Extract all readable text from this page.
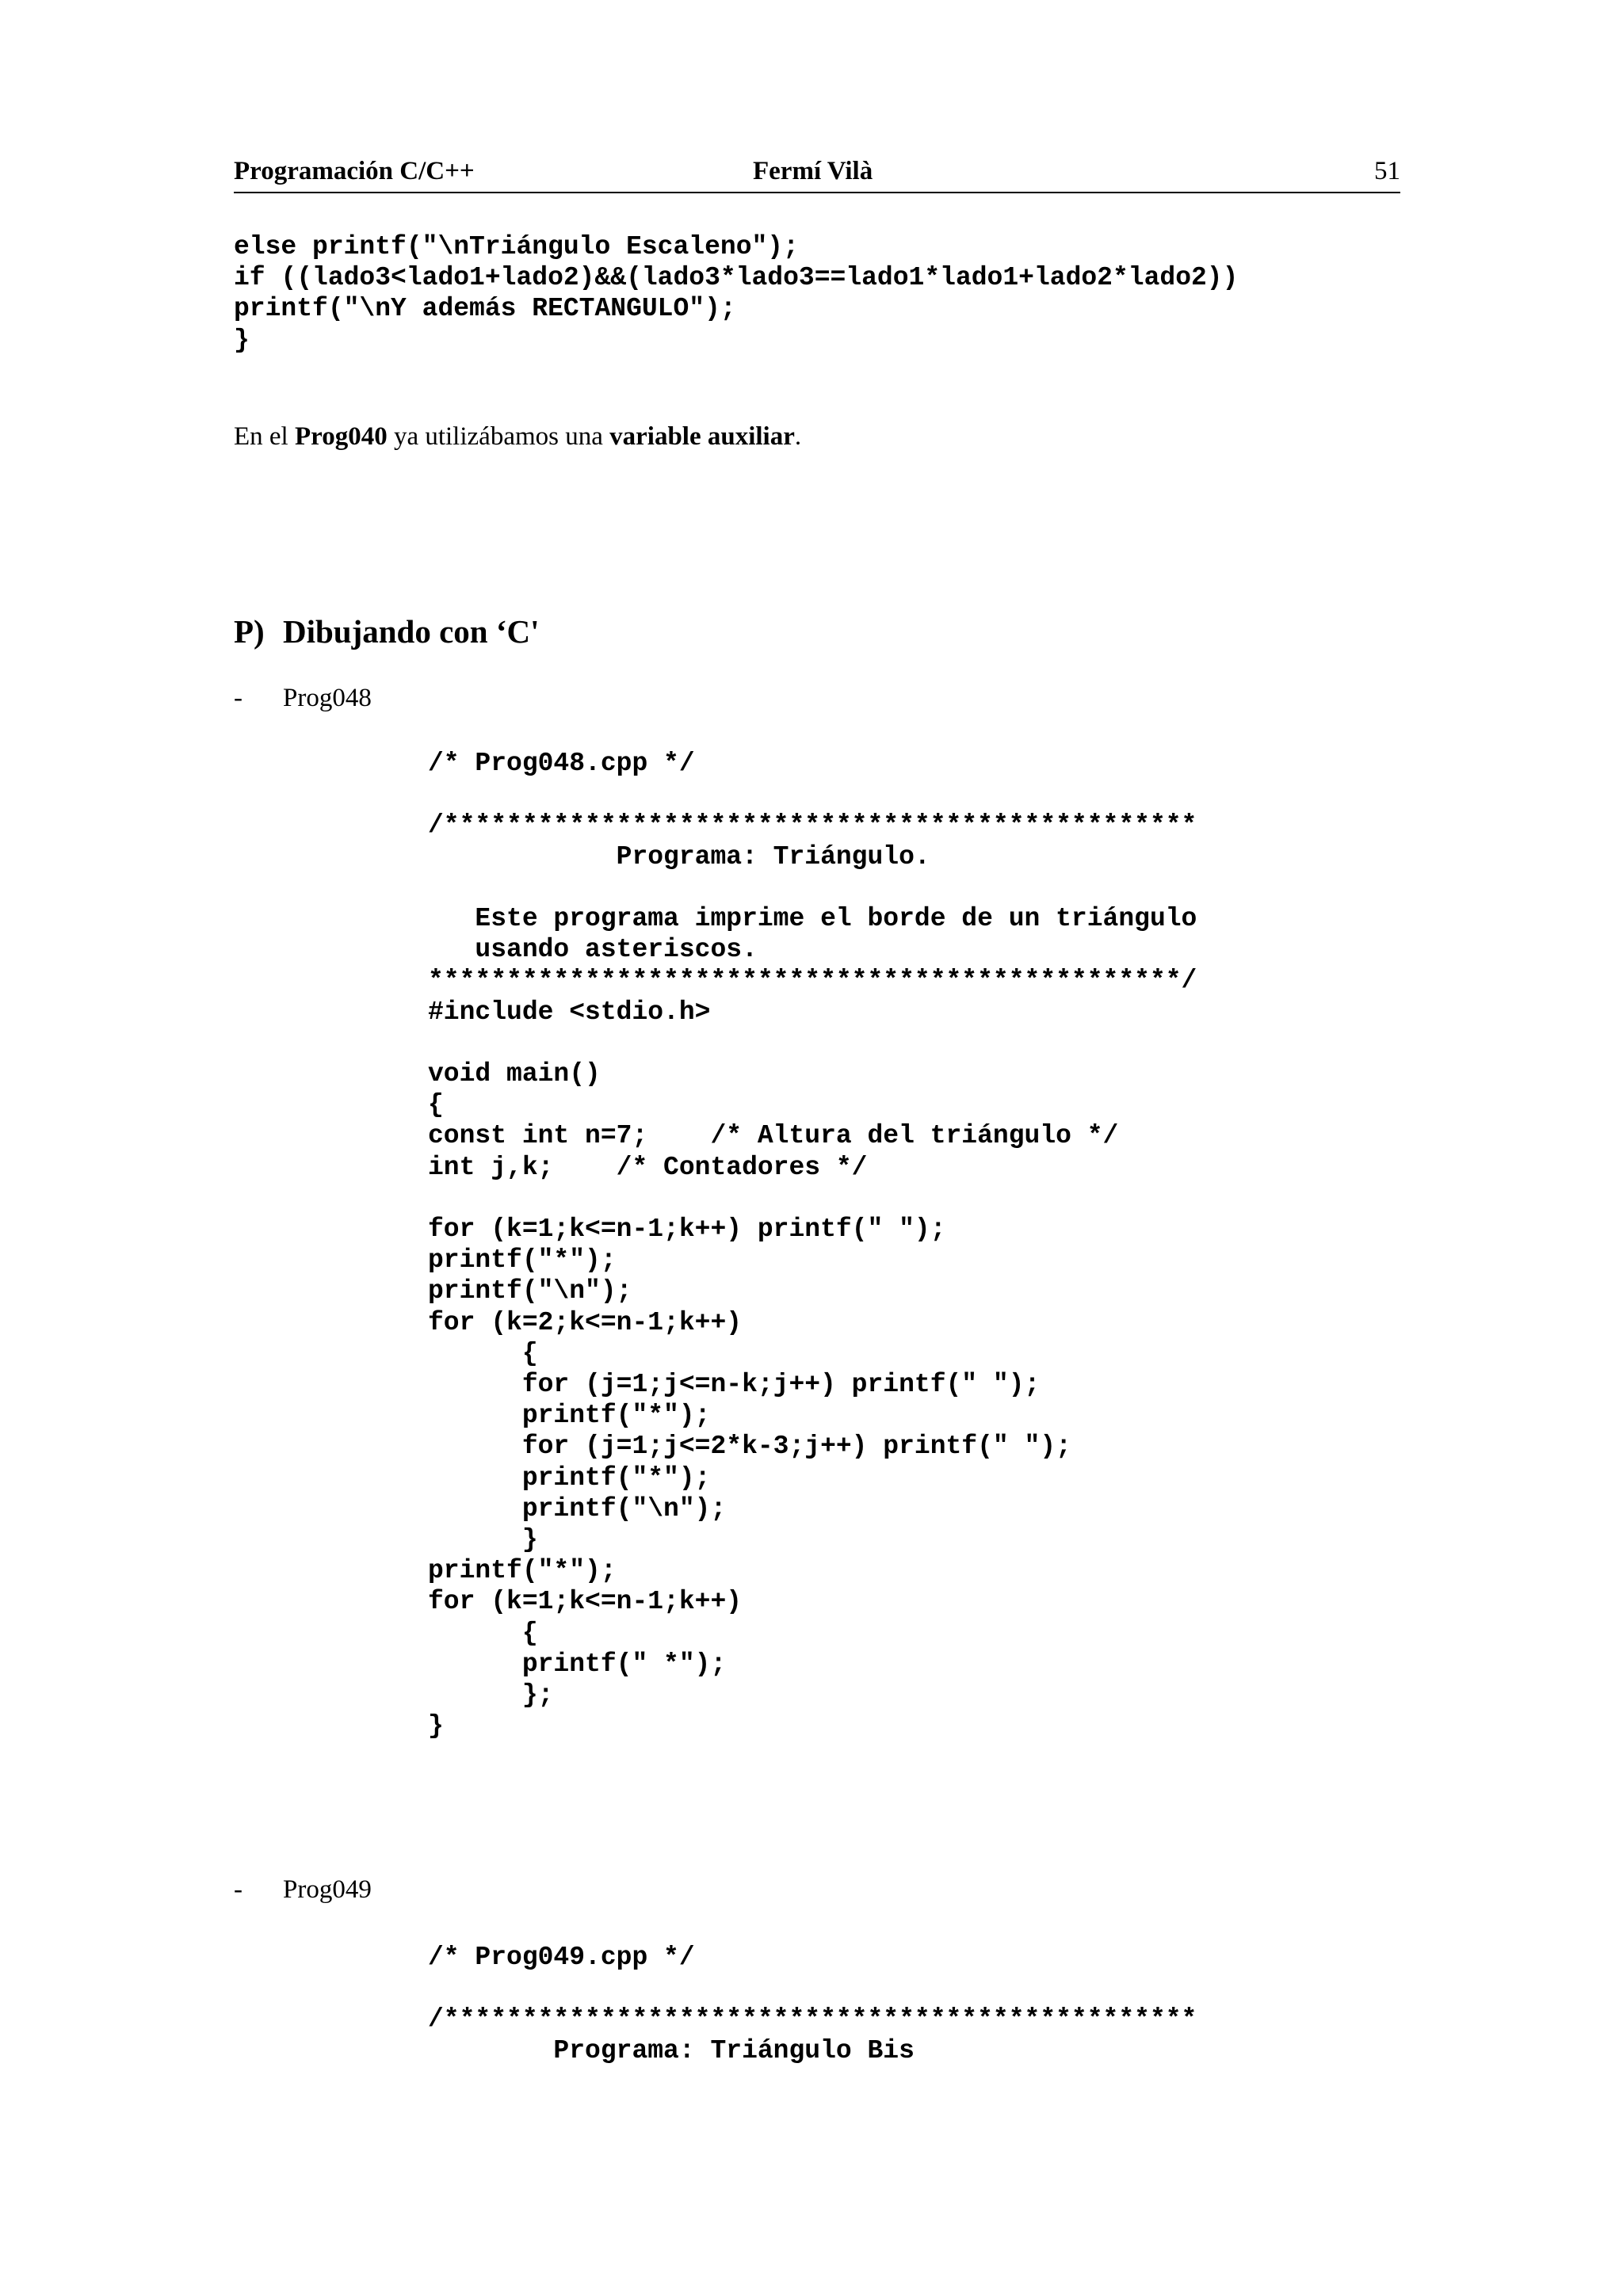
Programación C/C++	Fermí Vilà	51
else printf("\nTriángulo Escaleno");
if ((lado3<lado1+lado2)&&(lado3*lado3==lado1*lado1+lado2*lado2))
printf("\nY además RECTANGULO");
}
En el Prog040 ya utilizábamos una variable auxiliar.
P) Dibujando con ‘C'
- Prog048
/* Prog048.cpp */

/************************************************
Programa: Triángulo.

Este programa imprime el borde de un triángulo
usando asteriscos.
************************************************/
#include <stdio.h>

void main()
{
const int n=7;    /* Altura del triángulo */
int j,k;    /* Contadores */

for (k=1;k<=n-1;k++) printf(" ");
printf("*");
printf("\n");
for (k=2;k<=n-1;k++)
{
for (j=1;j<=n-k;j++) printf(" ");
printf("*");
for (j=1;j<=2*k-3;j++) printf(" ");
printf("*");
printf("\n");
}
printf("*");
for (k=1;k<=n-1;k++)
{
printf(" *");
};
}
- Prog049
/* Prog049.cpp */

/************************************************
Programa: Triángulo Bis
